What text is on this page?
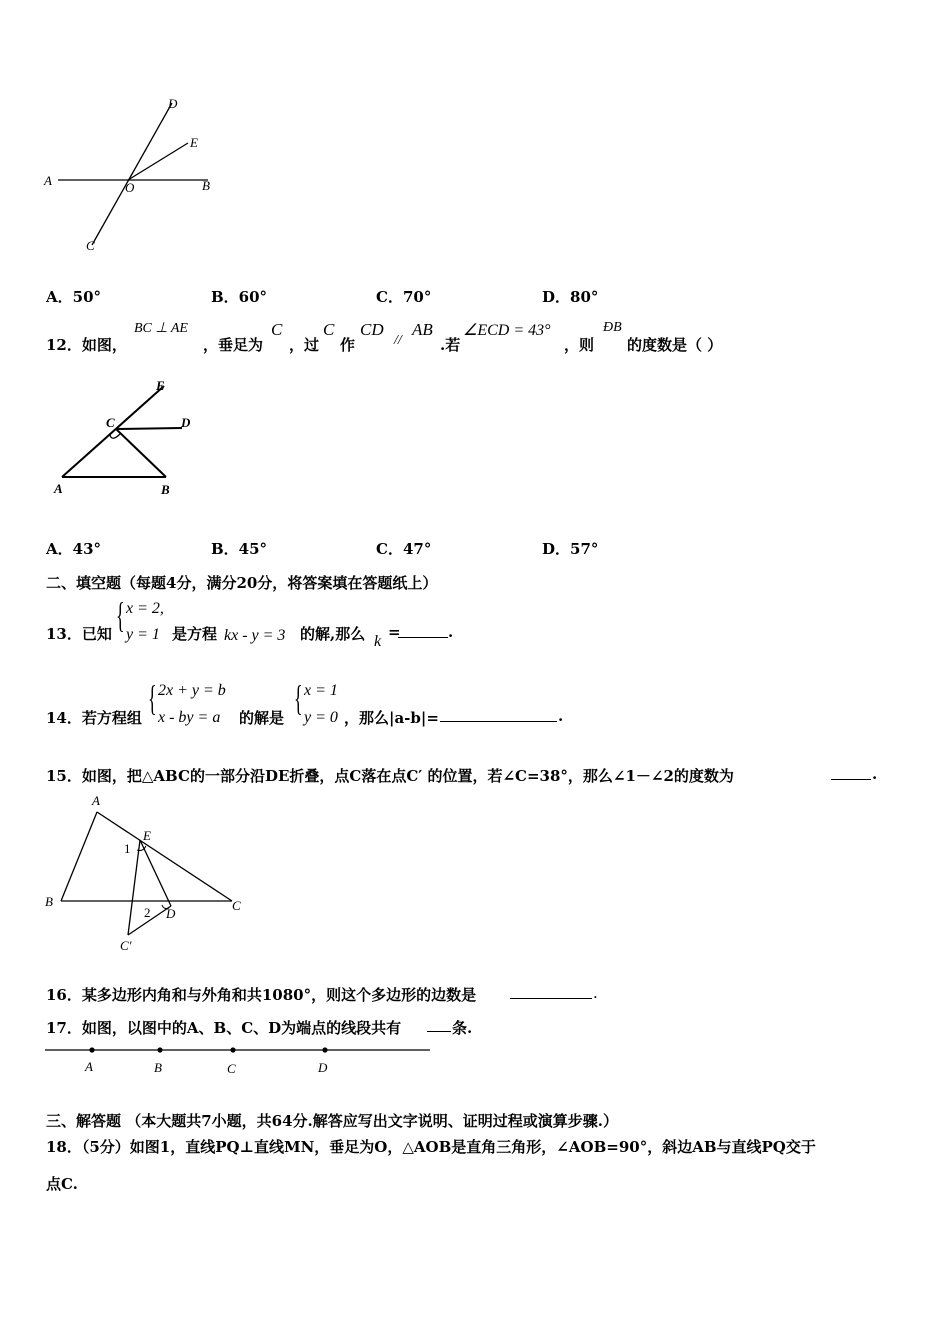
A	B
C
D
E
O
A．50°	B．60°	C．70°	D．80°
12．如图，
BC ⊥ AE
，垂足为
C
，过
C
作
CD
//
AB
.若
∠ECD = 43°
，则
ÐB
的度数是（ ）
E
C	D
A	B
A．43°	B．45°	C．47°	D．57°
二、填空题（每题4分，满分20分，将答案填在答题纸上）
13．已知 { x = 2,
y = 1 是方程 kx - y = 3 的解,那么 k
=	.
14．若方程组 { 2x + y = b
x - by = a 的解是 { x = 1
y = 0 ，那么|a-b|=	.
15．如图，把△ABC的一部分沿DE折叠，点C落在点C′ 的位置，若∠C=38°，那么∠1－∠2的度数为	.
A
E
1
B
2 D
C
C′
16．某多边形内角和与外角和共1080°，则这个多边形的边数是	.
17．如图，以图中的A、B、C、D为端点的线段共有	条.
A	B	C	D
三、解答题 （本大题共7小题，共64分.解答应写出文字说明、证明过程或演算步骤.）
18．（5分）如图1，直线PQ⊥直线MN，垂足为O，△AOB是直角三角形，∠AOB=90°，斜边AB与直线PQ交于
点C.
